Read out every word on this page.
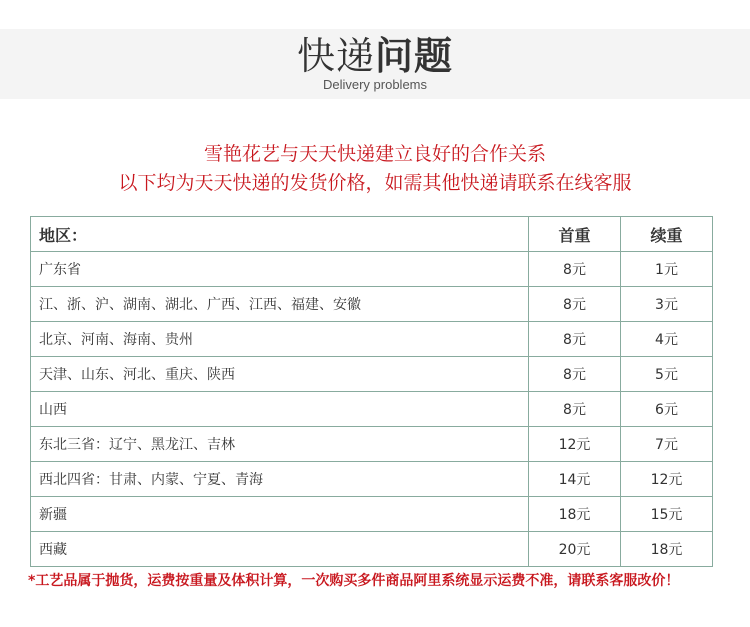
快递问题
Delivery problems
雪艳花艺与天天快递建立良好的合作关系
以下均为天天快递的发货价格，如需其他快递请联系在线客服
地区：	首重	续重
广东省	8元	1元
江、浙、沪、湖南、湖北、广西、江西、福建、安徽	8元	3元
北京、河南、海南、贵州	8元	4元
天津、山东、河北、重庆、陕西	8元	5元
山西	8元	6元
东北三省：辽宁、黑龙江、吉林	12元	7元
西北四省：甘肃、内蒙、宁夏、青海	14元	12元
新疆	18元	15元
西藏	20元	18元
*工艺品属于抛货，运费按重量及体积计算，一次购买多件商品阿里系统显示运费不准，请联系客服改价！
